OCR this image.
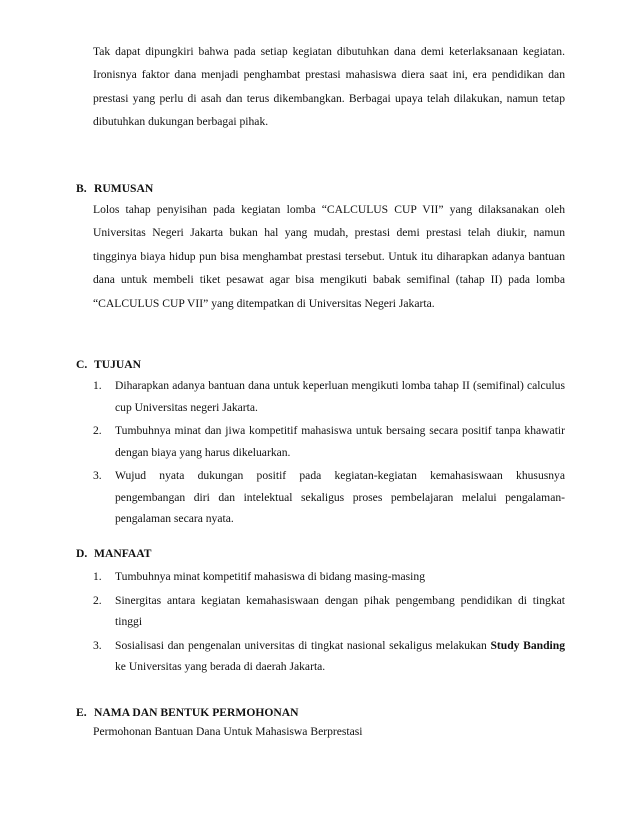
Tak dapat dipungkiri bahwa pada setiap kegiatan dibutuhkan dana demi keterlaksanaan kegiatan. Ironisnya faktor dana menjadi penghambat prestasi mahasiswa diera saat ini, era pendidikan dan prestasi yang perlu di asah dan terus dikembangkan. Berbagai upaya telah dilakukan, namun tetap dibutuhkan dukungan berbagai pihak.

B. RUMUSAN

Lolos tahap penyisihan pada kegiatan lomba “CALCULUS CUP VII” yang dilaksanakan oleh Universitas Negeri Jakarta bukan hal yang mudah, prestasi demi prestasi telah diukir, namun tingginya biaya hidup pun bisa menghambat prestasi tersebut. Untuk itu diharapkan adanya bantuan dana untuk membeli tiket pesawat agar bisa mengikuti babak semifinal (tahap II) pada lomba “CALCULUS CUP VII” yang ditempatkan di Universitas Negeri Jakarta.

C. TUJUAN
1. Diharapkan adanya bantuan dana untuk keperluan mengikuti lomba tahap II (semifinal) calculus cup Universitas negeri Jakarta.
2. Tumbuhnya minat dan jiwa kompetitif mahasiswa untuk bersaing secara positif tanpa khawatir dengan biaya yang harus dikeluarkan.
3. Wujud nyata dukungan positif pada kegiatan-kegiatan kemahasiswaan khususnya pengembangan diri dan intelektual sekaligus proses pembelajaran melalui pengalaman-pengalaman secara nyata.
D. MANFAAT
1. Tumbuhnya minat kompetitif mahasiswa di bidang masing-masing
2. Sinergitas antara kegiatan kemahasiswaan dengan pihak pengembang pendidikan di tingkat tinggi
3. Sosialisasi dan pengenalan universitas di tingkat nasional sekaligus melakukan Study Banding ke Universitas yang berada di daerah Jakarta.
E. NAMA DAN BENTUK PERMOHONAN

Permohonan Bantuan Dana Untuk Mahasiswa Berprestasi
